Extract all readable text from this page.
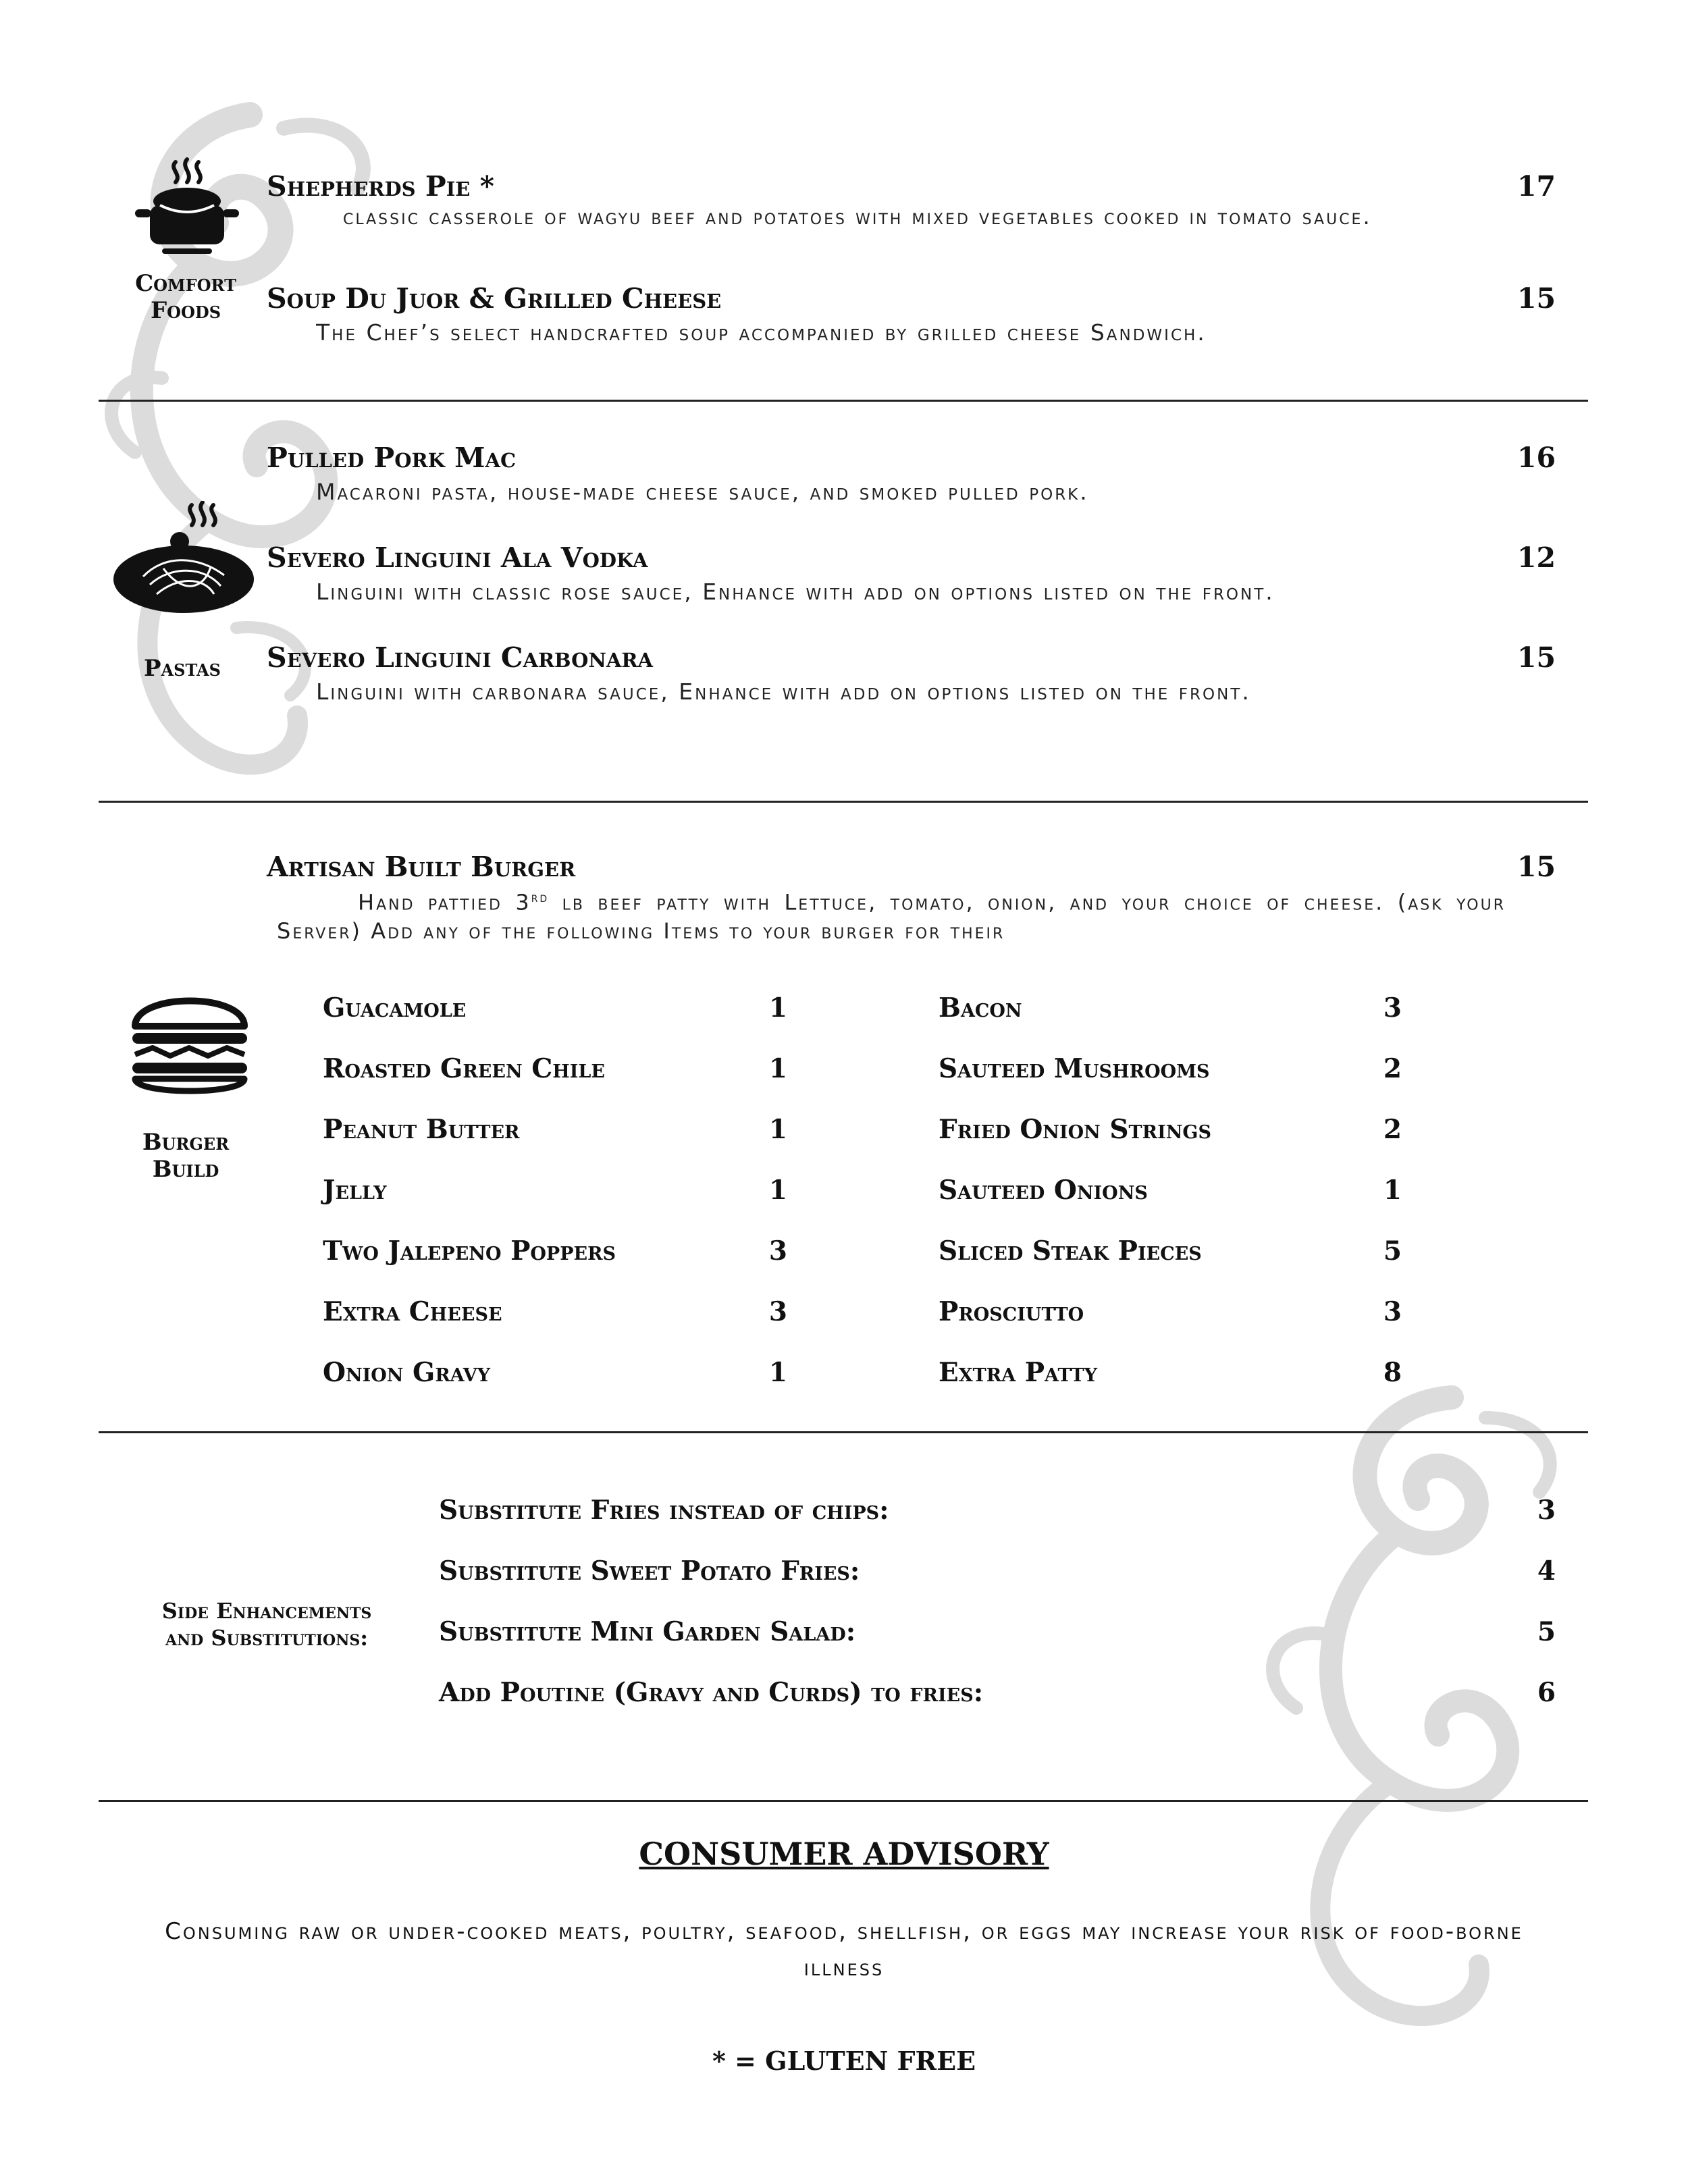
Comfort
Foods
Shepherds Pie *	17
classic casserole of wagyu beef and potatoes with mixed vegetables cooked in tomato sauce.
Soup Du Juor & Grilled Cheese	15
The Chef’s select handcrafted soup accompanied by grilled cheese Sandwich.
Pastas
Pulled Pork Mac	16
Macaroni pasta, house-made cheese sauce, and smoked pulled pork.
Severo Linguini Ala Vodka	12
Linguini with classic rose sauce, Enhance with add on options listed on the front.
Severo Linguini Carbonara	15
Linguini with carbonara sauce, Enhance with add on options listed on the front.
Artisan Built Burger	15
Hand pattied 3rd lb beef patty with Lettuce, tomato, onion, and your choice of cheese. (ask your Server) Add any of the following Items to your burger for their
Burger
Build
Guacamole	1
Roasted Green Chile	1
Peanut Butter	1
Jelly	1
Two Jalepeno Poppers	3
Extra Cheese	3
Onion Gravy	1
Bacon	3
Sauteed Mushrooms	2
Fried Onion Strings	2
Sauteed Onions	1
Sliced Steak Pieces	5
Prosciutto	3
Extra Patty	8
Side Enhancements
and Substitutions:
Substitute Fries instead of chips:	3
Substitute Sweet Potato Fries:	4
Substitute Mini Garden Salad:	5
Add Poutine (Gravy and Curds) to fries:	6
CONSUMER ADVISORY
Consuming raw or under-cooked meats, poultry, seafood, shellfish, or eggs may increase your risk of food-borne illness
* = GLUTEN FREE
